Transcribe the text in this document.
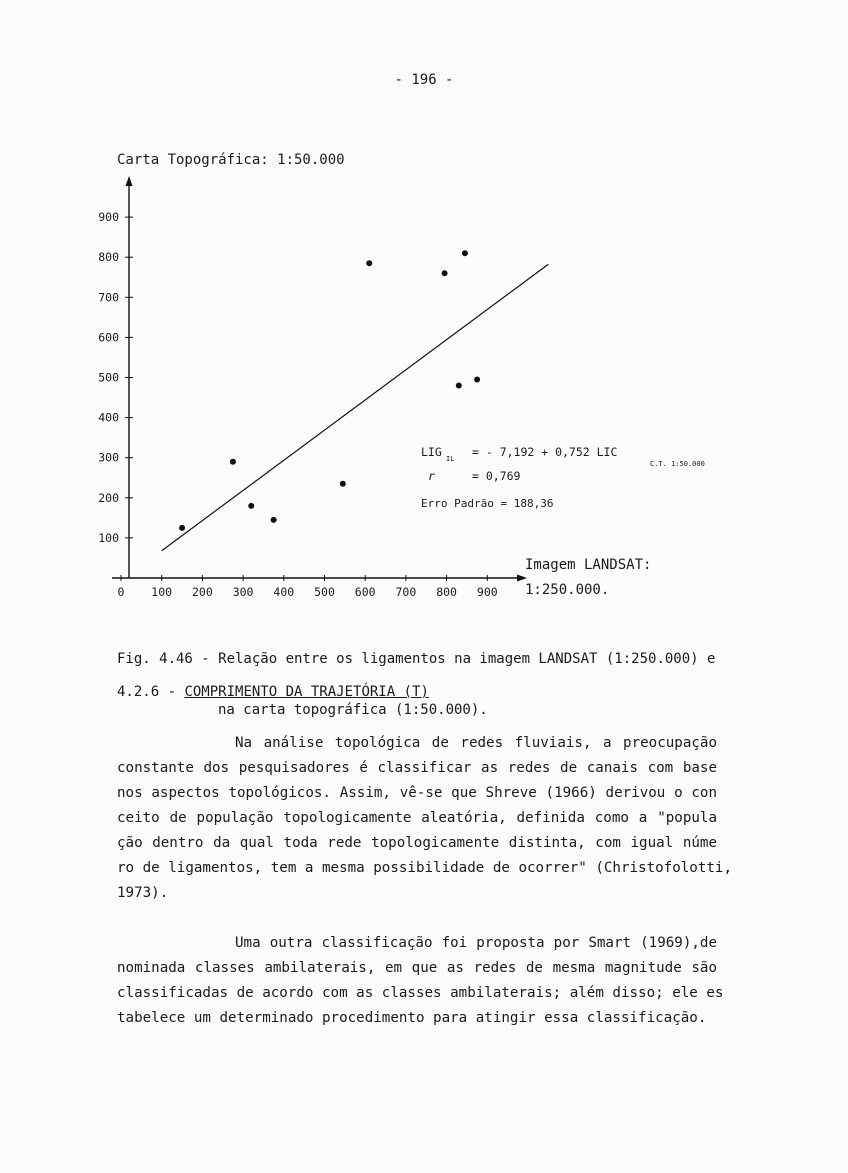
- 196 -
Carta Topográfica: 1:50.000
0 100 200 300 400 500 600 700 800 900
100
200
300
400
500
600
700
800
900
LIG IL = - 7,192 + 0,752 LIC
C.T. 1:50.000
r	= 0,769
Erro Padrão = 188,36
Imagem LANDSAT:
1:250.000.

Fig. 4.46 - Relação entre os ligamentos na imagem LANDSAT (1:250.000) e

na carta topográfica (1:50.000).

4.2.6 - COMPRIMENTO DA TRAJETÓRIA (T)
Na análise topológica de redes fluviais, a preocupação
constante dos pesquisadores é classificar as redes de canais com base
nos aspectos topológicos. Assim, vê-se que Shreve (1966) derivou o con
ceito de população topologicamente aleatória, definida como a "popula
ção dentro da qual toda rede topologicamente distinta, com igual núme
ro de ligamentos, tem a mesma possibilidade de ocorrer" (Christofolotti,
1973).
Uma outra classificação foi proposta por Smart (1969),de
nominada classes ambilaterais, em que as redes de mesma magnitude são
classificadas de acordo com as classes ambilaterais; além disso; ele es
tabelece um determinado procedimento para atingir essa classificação.
